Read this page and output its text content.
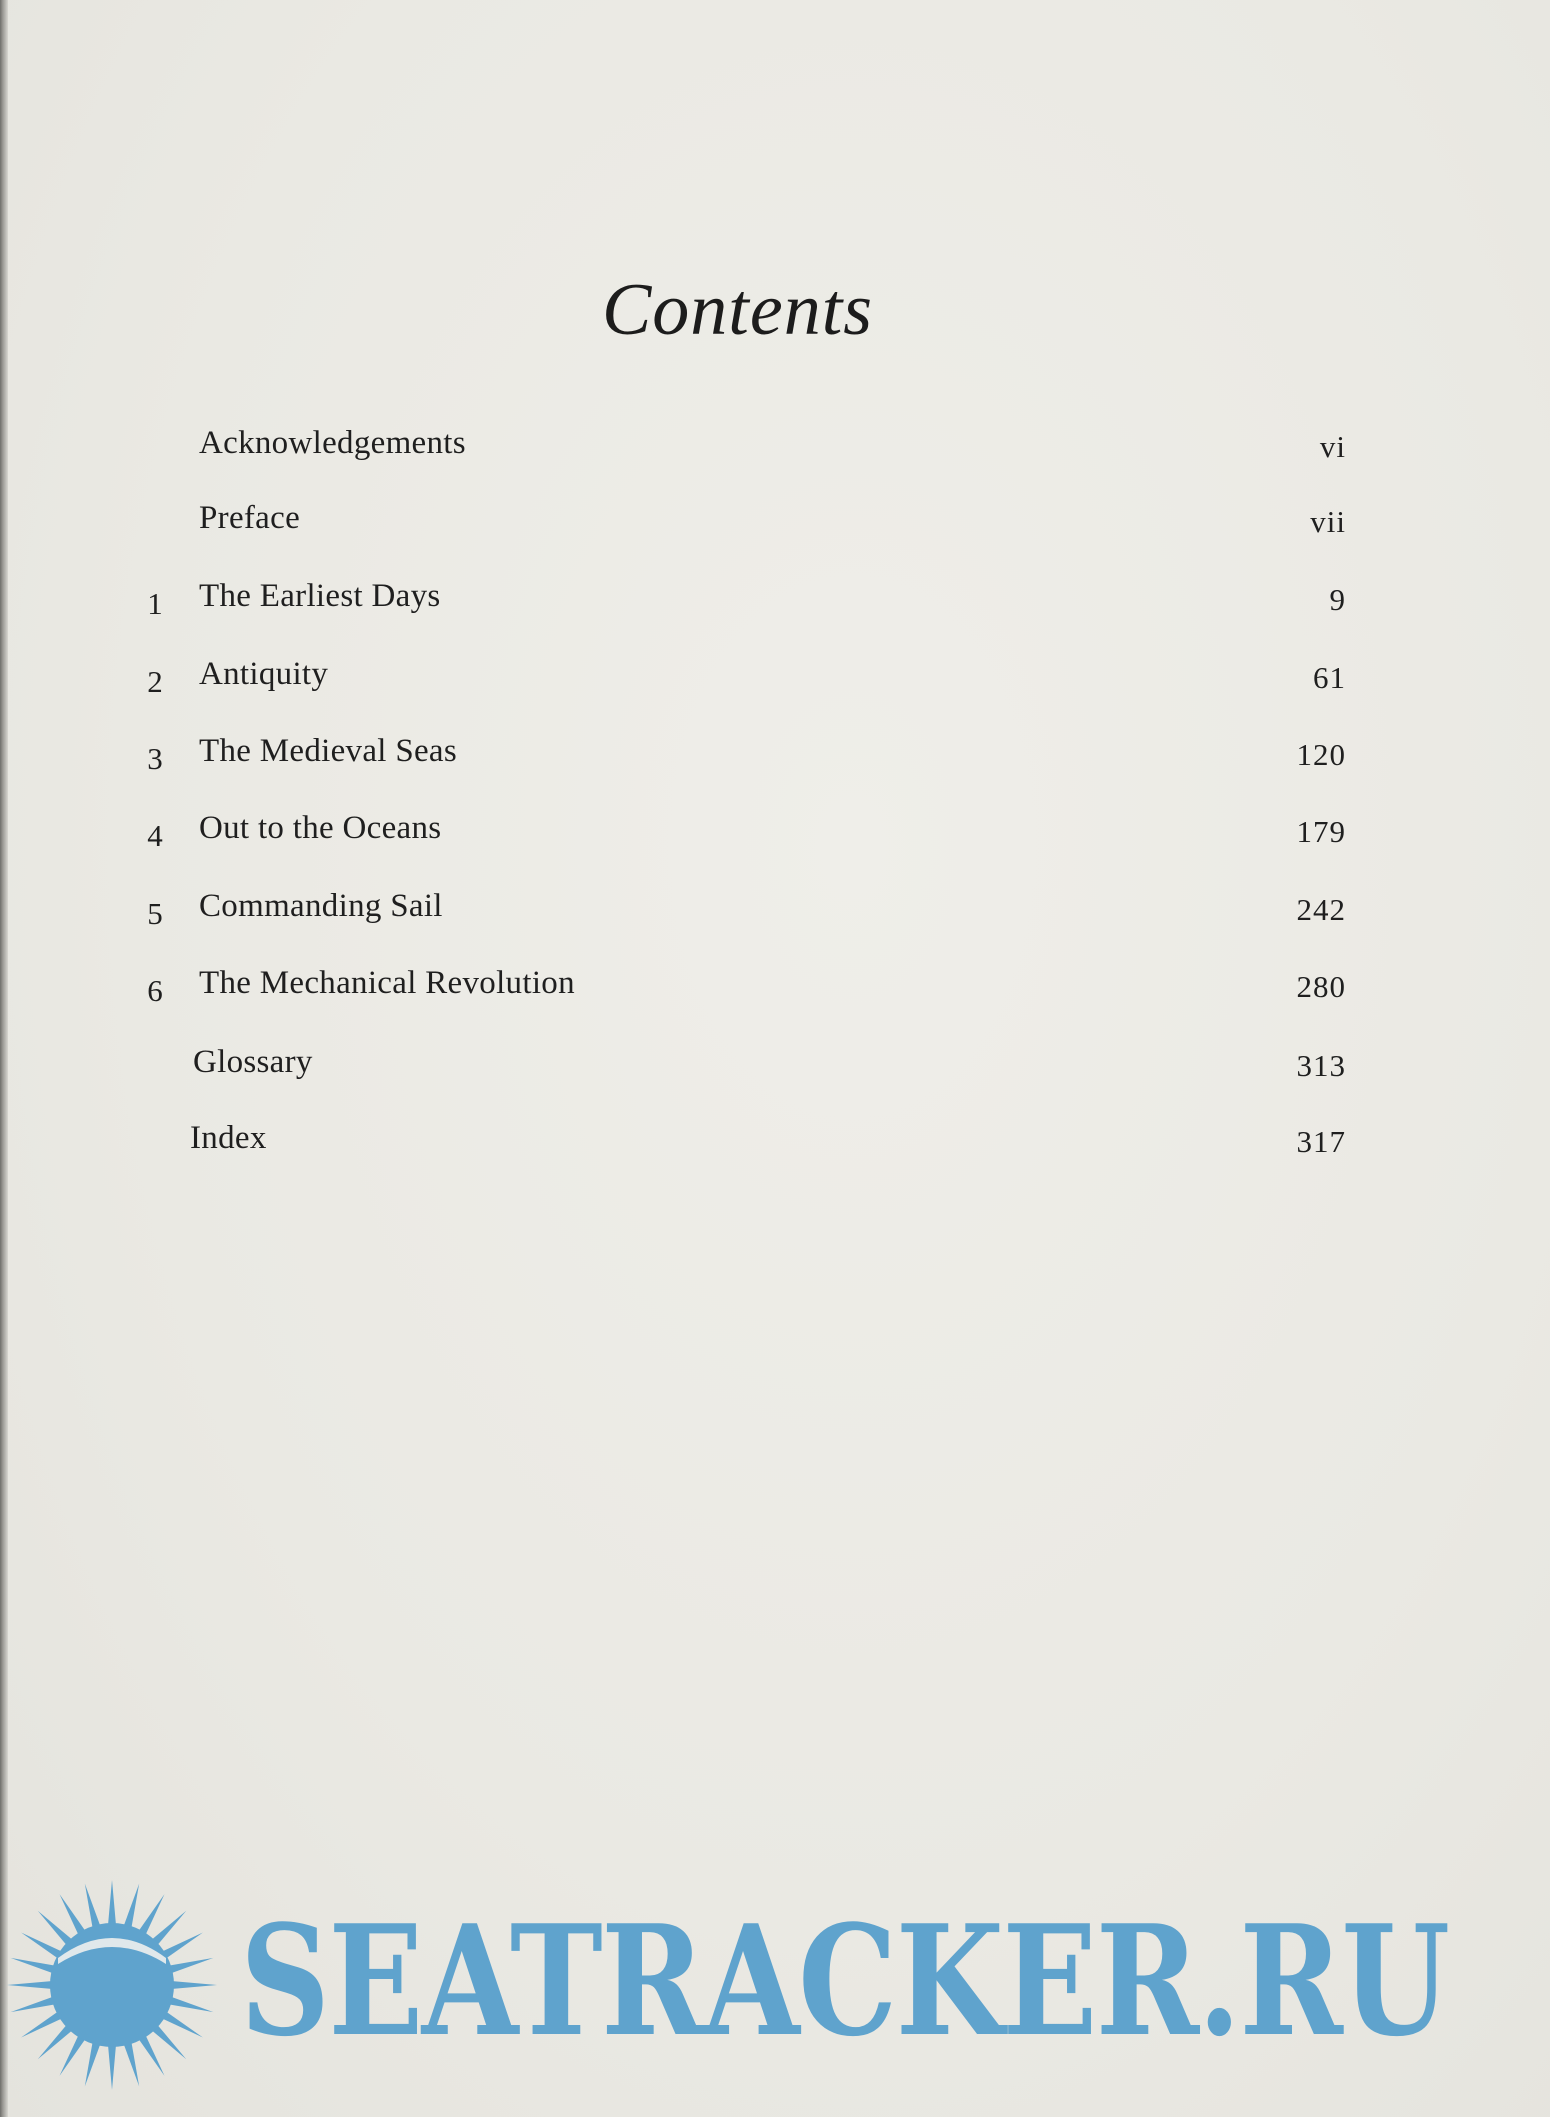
Contents
Acknowledgements	vi
Preface	vii
1 The Earliest Days	9
2 Antiquity	61
3 The Medieval Seas	120
4 Out to the Oceans	179
5 Commanding Sail	242
6 The Mechanical Revolution	280
Glossary	313
Index	317
SEATRACKER.RU
